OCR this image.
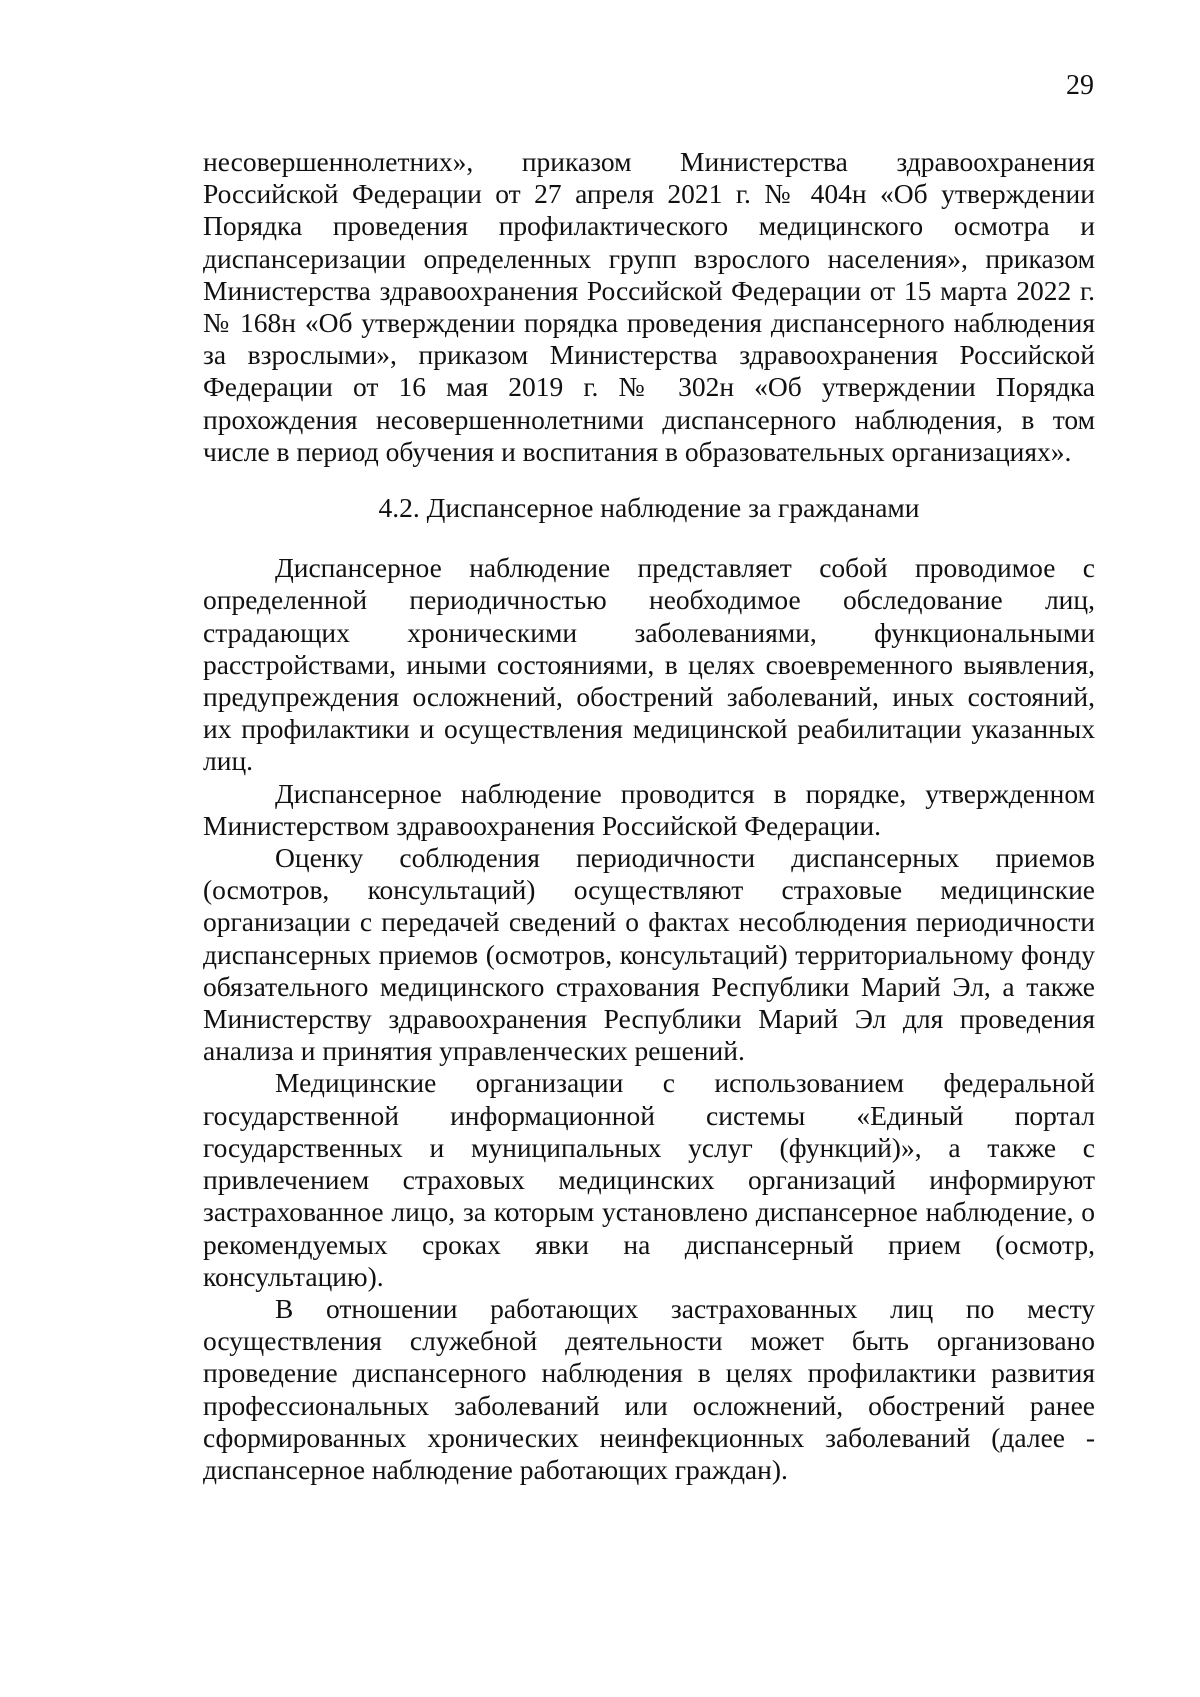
29

несовершеннолетних», приказом Министерства здравоохранения Российской Федерации от 27 апреля 2021 г. № 404н «Об утверждении Порядка проведения профилактического медицинского осмотра и диспансеризации определенных групп взрослого населения», приказом Министерства здравоохранения Российской Федерации от 15 марта 2022 г. № 168н «Об утверждении порядка проведения диспансерного наблюдения за взрослыми», приказом Министерства здравоохранения Российской Федерации от 16 мая 2019 г. № 302н «Об утверждении Порядка прохождения несовершеннолетними диспансерного наблюдения, в том числе в период обучения и воспитания в образовательных организациях».

4.2. Диспансерное наблюдение за гражданами

Диспансерное наблюдение представляет собой проводимое с определенной периодичностью необходимое обследование лиц, страдающих хроническими заболеваниями, функциональными расстройствами, иными состояниями, в целях своевременного выявления, предупреждения осложнений, обострений заболеваний, иных состояний, их профилактики и осуществления медицинской реабилитации указанных лиц.

Диспансерное наблюдение проводится в порядке, утвержденном Министерством здравоохранения Российской Федерации.

Оценку соблюдения периодичности диспансерных приемов (осмотров, консультаций) осуществляют страховые медицинские организации с передачей сведений о фактах несоблюдения периодичности диспансерных приемов (осмотров, консультаций) территориальному фонду обязательного медицинского страхования Республики Марий Эл, а также Министерству здравоохранения Республики Марий Эл для проведения анализа и принятия управленческих решений.

Медицинские организации с использованием федеральной государственной информационной системы «Единый портал государственных и муниципальных услуг (функций)», а также с привлечением страховых медицинских организаций информируют застрахованное лицо, за которым установлено диспансерное наблюдение, о рекомендуемых сроках явки на диспансерный прием (осмотр, консультацию).

В отношении работающих застрахованных лиц по месту осуществления служебной деятельности может быть организовано проведение диспансерного наблюдения в целях профилактики развития профессиональных заболеваний или осложнений, обострений ранее сформированных хронических неинфекционных заболеваний (далее - диспансерное наблюдение работающих граждан).
